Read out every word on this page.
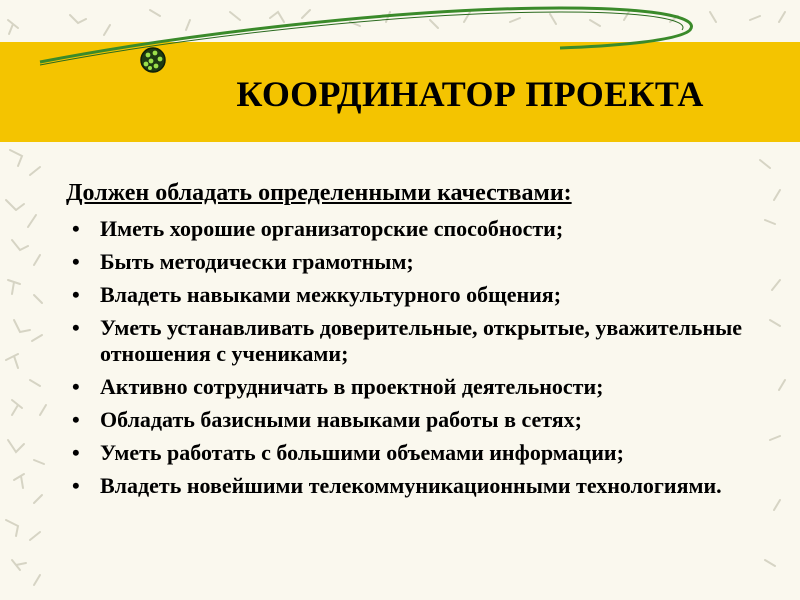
КООРДИНАТОР ПРОЕКТА

Должен обладать определенными качествами:

• Иметь хорошие организаторские способности;
• Быть методически грамотным;
• Владеть навыками межкультурного общения;
• Уметь устанавливать доверительные, открытые, уважительные отношения с учениками;
• Активно сотрудничать в проектной деятельности;
• Обладать базисными навыками работы в сетях;
• Уметь работать с большими объемами информации;
• Владеть новейшими телекоммуникационными технологиями.
